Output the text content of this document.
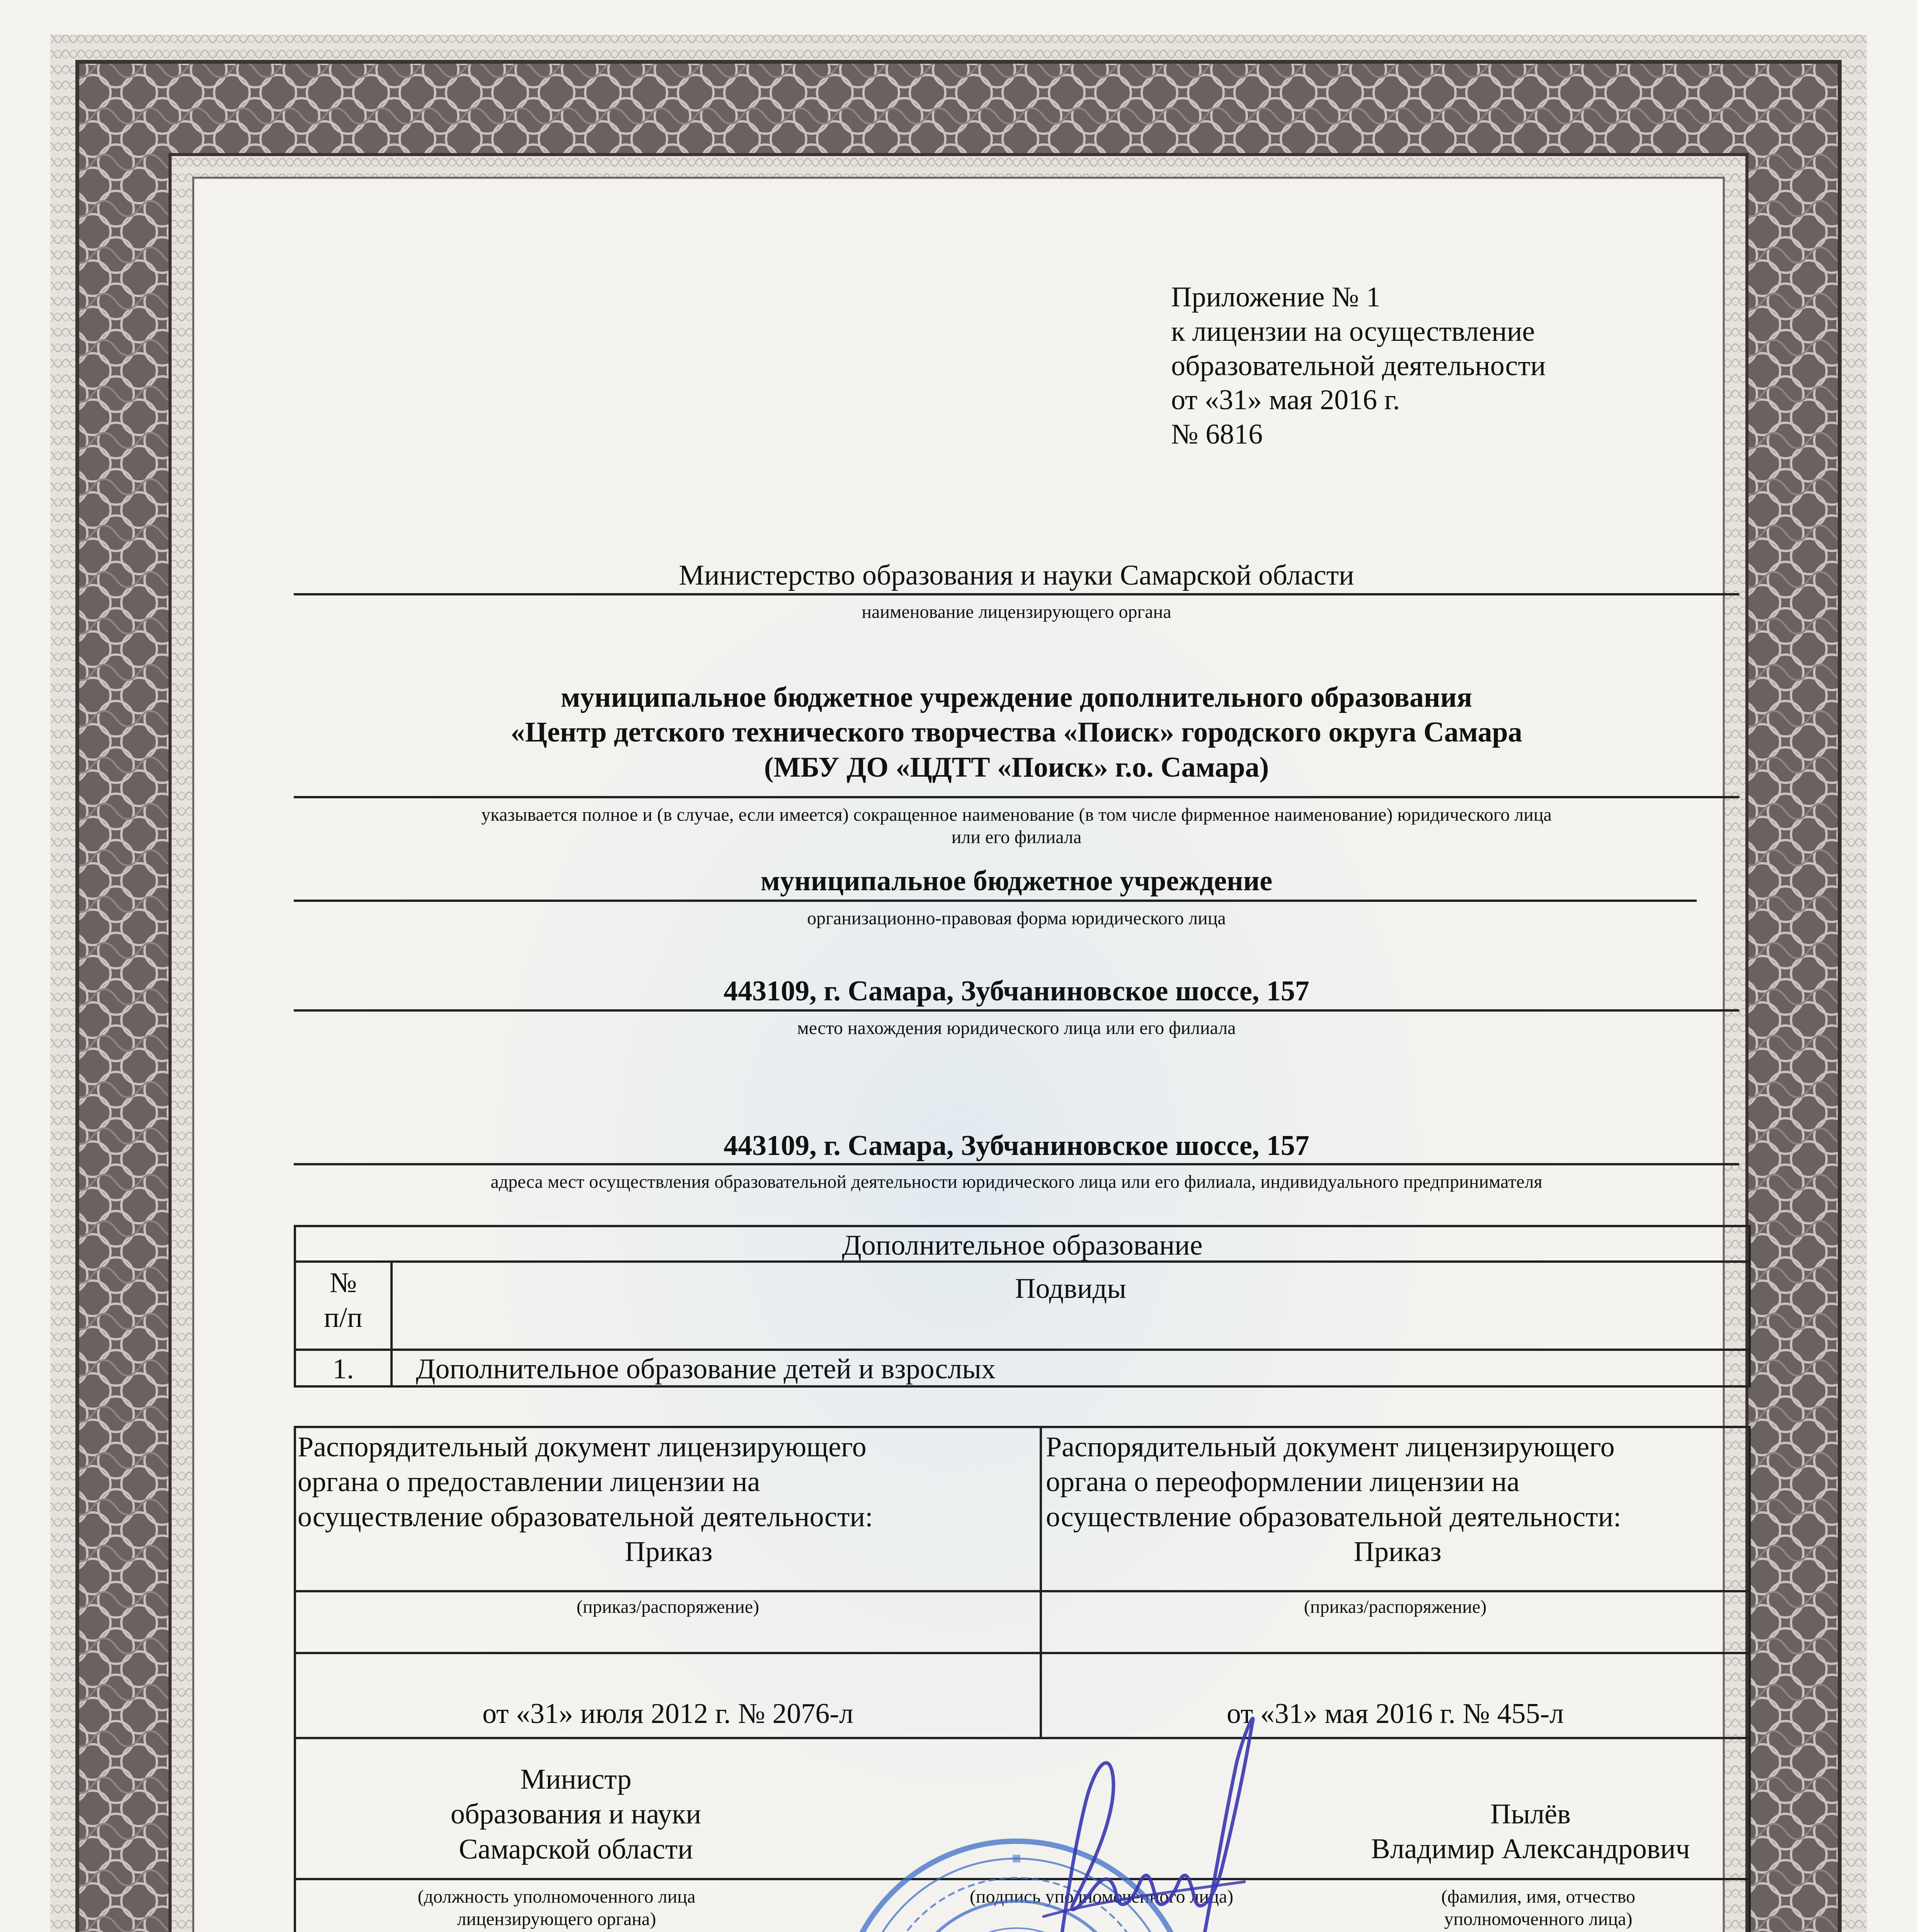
Приложение № 1
к лицензии на осуществление
образовательной деятельности
от «31» мая 2016 г.
№ 6816
Министерство образования и науки Самарской области
наименование лицензирующего органа
муниципальное бюджетное учреждение дополнительного образования
«Центр детского технического творчества «Поиск» городского округа Самара
(МБУ ДО «ЦДТТ «Поиск» г.о. Самара)
указывается полное и (в случае, если имеется) сокращенное наименование (в том числе фирменное наименование) юридического лица
или его филиала
муниципальное бюджетное учреждение
организационно-правовая форма юридического лица
443109, г. Самара, Зубчаниновское шоссе, 157
место нахождения юридического лица или его филиала
443109, г. Самара, Зубчаниновское шоссе, 157
адреса мест осуществления образовательной деятельности юридического лица или его филиала, индивидуального предпринимателя
Дополнительное образование
№
п/п
Подвиды
1.	Дополнительное образование детей и взрослых
Распорядительный документ лицензирующего
органа о предоставлении лицензии на
осуществление образовательной деятельности:
Приказ
(приказ/распоряжение)
от «31» июля 2012 г. № 2076-л
Распорядительный документ лицензирующего
органа о переоформлении лицензии на
осуществление образовательной деятельности:
Приказ
(приказ/распоряжение)
от «31» мая 2016 г. № 455-л
Министр
образования и науки
Самарской области
Пылёв
Владимир Александрович
(должность уполномоченного лица
лицензирующего органа)
(подпись уполномоченного лица)	(фамилия, имя, отчество
уполномоченного лица)
